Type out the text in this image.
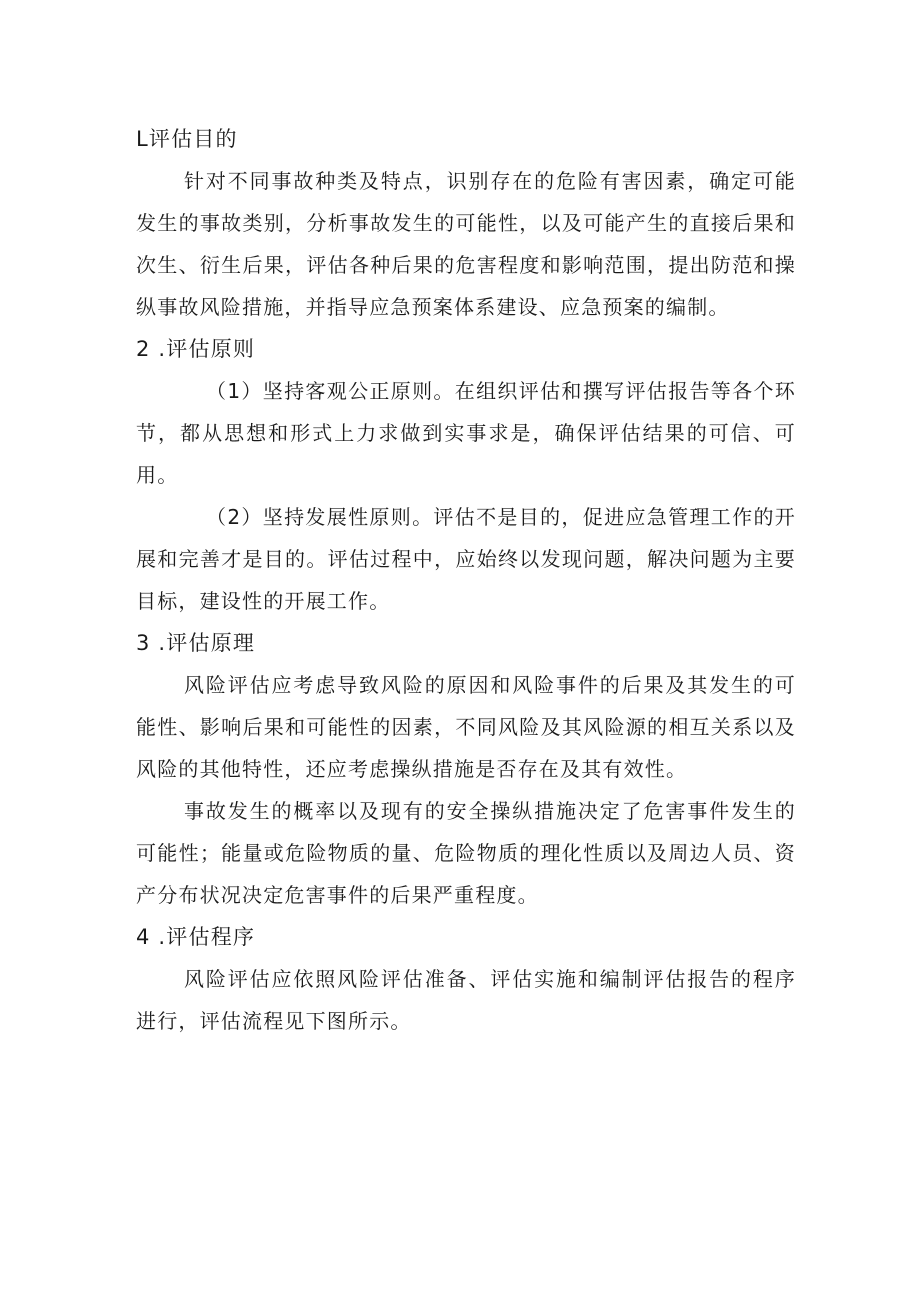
L评估目的

针对不同事故种类及特点，识别存在的危险有害因素，确定可能发生的事故类别，分析事故发生的可能性，以及可能产生的直接后果和次生、衍生后果，评估各种后果的危害程度和影响范围，提出防范和操纵事故风险措施，并指导应急预案体系建设、应急预案的编制。

2 .评估原则

（1）坚持客观公正原则。在组织评估和撰写评估报告等各个环节，都从思想和形式上力求做到实事求是，确保评估结果的可信、可用。

（2）坚持发展性原则。评估不是目的，促进应急管理工作的开展和完善才是目的。评估过程中，应始终以发现问题，解决问题为主要目标，建设性的开展工作。

3 .评估原理

风险评估应考虑导致风险的原因和风险事件的后果及其发生的可能性、影响后果和可能性的因素，不同风险及其风险源的相互关系以及风险的其他特性，还应考虑操纵措施是否存在及其有效性。

事故发生的概率以及现有的安全操纵措施决定了危害事件发生的可能性；能量或危险物质的量、危险物质的理化性质以及周边人员、资产分布状况决定危害事件的后果严重程度。

4 .评估程序

风险评估应依照风险评估准备、评估实施和编制评估报告的程序进行，评估流程见下图所示。
